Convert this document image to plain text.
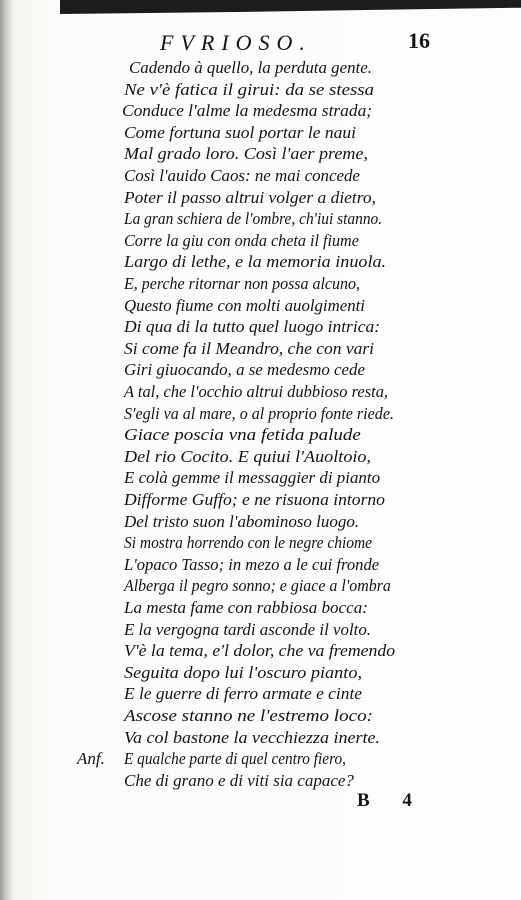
FVRIOSO.	16
Cadendo à quello, la perduta gente.
Ne v'è fatica il girui: da se stessa
Conduce l'alme la medesma strada;
Come fortuna suol portar le naui
Mal grado loro. Così l'aer preme,
Così l'auido Caos: ne mai concede
Poter il passo altrui volger a dietro,
La gran schiera de l'ombre, ch'iui stanno.
Corre la giu con onda cheta il fiume
Largo di lethe, e la memoria inuola.
E, perche ritornar non possa alcuno,
Questo fiume con molti auolgimenti
Di qua di la tutto quel luogo intrica:
Si come fa il Meandro, che con vari
Giri giuocando, a se medesmo cede
A tal, che l'occhio altrui dubbioso resta,
S'egli va al mare, o al proprio fonte riede.
Giace poscia vna fetida palude
Del rio Cocito. E quiui l'Auoltoio,
E colà gemme il messaggier di pianto
Difforme Guffo; e ne risuona intorno
Del tristo suon l'abominoso luogo.
Si mostra horrendo con le negre chiome
L'opaco Tasso; in mezo a le cui fronde
Alberga il pegro sonno; e giace a l'ombra
La mesta fame con rabbiosa bocca:
E la vergogna tardi asconde il volto.
V'è la tema, e'l dolor, che va fremendo
Seguita dopo lui l'oscuro pianto,
E le guerre di ferro armate e cinte
Ascose stanno ne l'estremo loco:
Va col bastone la vecchiezza inerte.
Anf. E qualche parte di quel centro fiero,
Che di grano e di viti sia capace?
B 4
